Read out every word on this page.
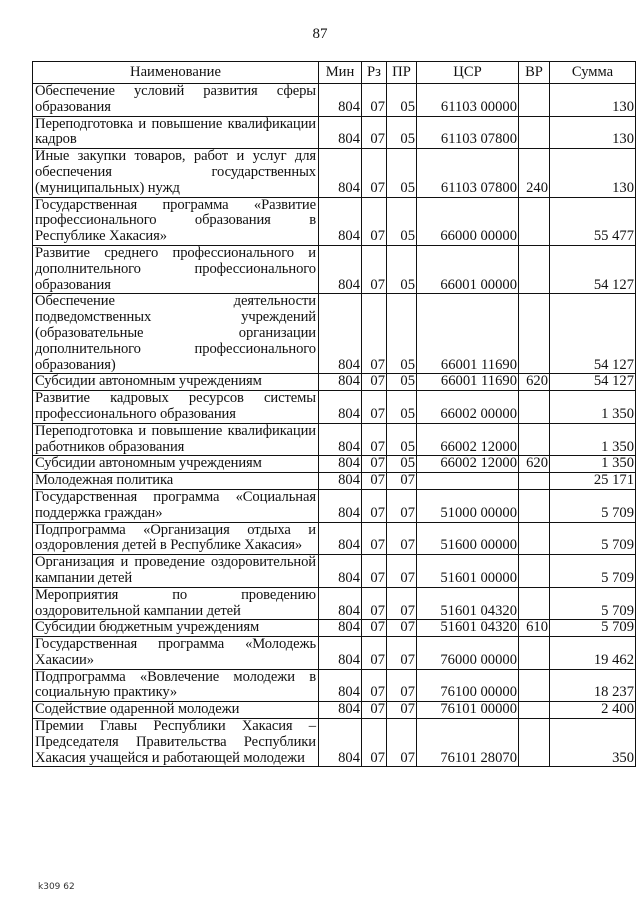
87
Наименование	Мин	Рз	ПР	ЦСР	ВР	Сумма
Обеспечение условий развития сферы образования	804	07	05	61103 00000		130
Переподготовка и повышение квалификации кадров	804	07	05	61103 07800		130
Иные закупки товаров, работ и услуг для обеспечения государственных (муниципальных) нужд	804	07	05	61103 07800	240	130
Государственная программа «Развитие профессионального образования в Республике Хакасия»	804	07	05	66000 00000		55 477
Развитие среднего профессионального и дополнительного профессионального образования	804	07	05	66001 00000		54 127
Обеспечение деятельности подведомственных учреждений (образовательные организации дополнительного профессионального образования)	804	07	05	66001 11690		54 127
Субсидии автономным учреждениям	804	07	05	66001 11690	620	54 127
Развитие кадровых ресурсов системы профессионального образования	804	07	05	66002 00000		1 350
Переподготовка и повышение квалификации работников образования	804	07	05	66002 12000		1 350
Субсидии автономным учреждениям	804	07	05	66002 12000	620	1 350
Молодежная политика	804	07	07			25 171
Государственная программа «Социальная поддержка граждан»	804	07	07	51000 00000		5 709
Подпрограмма «Организация отдыха и оздоровления детей в Республике Хакасия»	804	07	07	51600 00000		5 709
Организация и проведение оздоровительной кампании детей	804	07	07	51601 00000		5 709
Мероприятия по проведению оздоровительной кампании детей	804	07	07	51601 04320		5 709
Субсидии бюджетным учреждениям	804	07	07	51601 04320	610	5 709
Государственная программа «Молодежь Хакасии»	804	07	07	76000 00000		19 462
Подпрограмма «Вовлечение молодежи в социальную практику»	804	07	07	76100 00000		18 237
Содействие одаренной молодежи	804	07	07	76101 00000		2 400
Премии Главы Республики Хакасия – Председателя Правительства Республики Хакасия учащейся и работающей молодежи	804	07	07	76101 28070		350
k309 62
